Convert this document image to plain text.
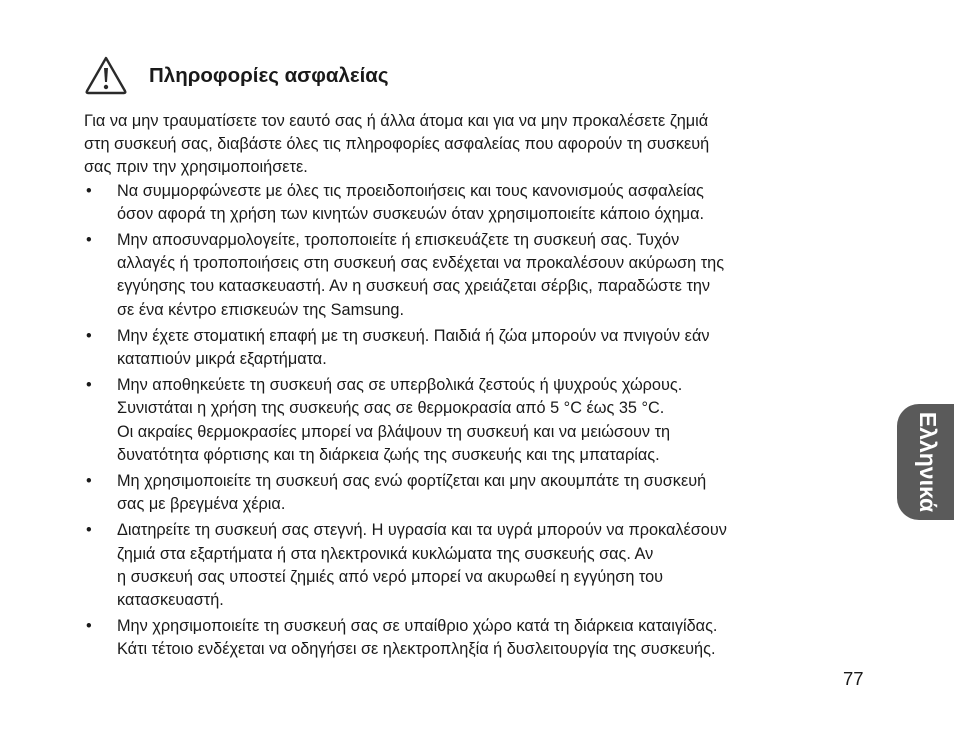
Πληροφορίες ασφαλείας
Για να μην τραυματίσετε τον εαυτό σας ή άλλα άτομα και για να μην προκαλέσετε ζημιά
στη συσκευή σας, διαβάστε όλες τις πληροφορίες ασφαλείας που αφορούν τη συσκευή
σας πριν την χρησιμοποιήσετε.
• Να συμμορφώνεστε με όλες τις προειδοποιήσεις και τους κανονισμούς ασφαλείας
όσον αφορά τη χρήση των κινητών συσκευών όταν χρησιμοποιείτε κάποιο όχημα.
• Μην αποσυναρμολογείτε, τροποποιείτε ή επισκευάζετε τη συσκευή σας. Τυχόν
αλλαγές ή τροποποιήσεις στη συσκευή σας ενδέχεται να προκαλέσουν ακύρωση της
εγγύησης του κατασκευαστή. Αν η συσκευή σας χρειάζεται σέρβις, παραδώστε την
σε ένα κέντρο επισκευών της Samsung.
• Μην έχετε στοματική επαφή με τη συσκευή. Παιδιά ή ζώα μπορούν να πνιγούν εάν
καταπιούν μικρά εξαρτήματα.
• Μην αποθηκεύετε τη συσκευή σας σε υπερβολικά ζεστούς ή ψυχρούς χώρους.
Συνιστάται η χρήση της συσκευής σας σε θερμοκρασία από 5 °C έως 35 °C.
Οι ακραίες θερμοκρασίες μπορεί να βλάψουν τη συσκευή και να μειώσουν τη
δυνατότητα φόρτισης και τη διάρκεια ζωής της συσκευής και της μπαταρίας.
• Μη χρησιμοποιείτε τη συσκευή σας ενώ φορτίζεται και μην ακουμπάτε τη συσκευή
σας με βρεγμένα χέρια.
• Διατηρείτε τη συσκευή σας στεγνή. Η υγρασία και τα υγρά μπορούν να προκαλέσουν
ζημιά στα εξαρτήματα ή στα ηλεκτρονικά κυκλώματα της συσκευής σας. Αν
η συσκευή σας υποστεί ζημιές από νερό μπορεί να ακυρωθεί η εγγύηση του
κατασκευαστή.
• Μην χρησιμοποιείτε τη συσκευή σας σε υπαίθριο χώρο κατά τη διάρκεια καταιγίδας.
Κάτι τέτοιο ενδέχεται να οδηγήσει σε ηλεκτροπληξία ή δυσλειτουργία της συσκευής.
Ελληνικά
77
